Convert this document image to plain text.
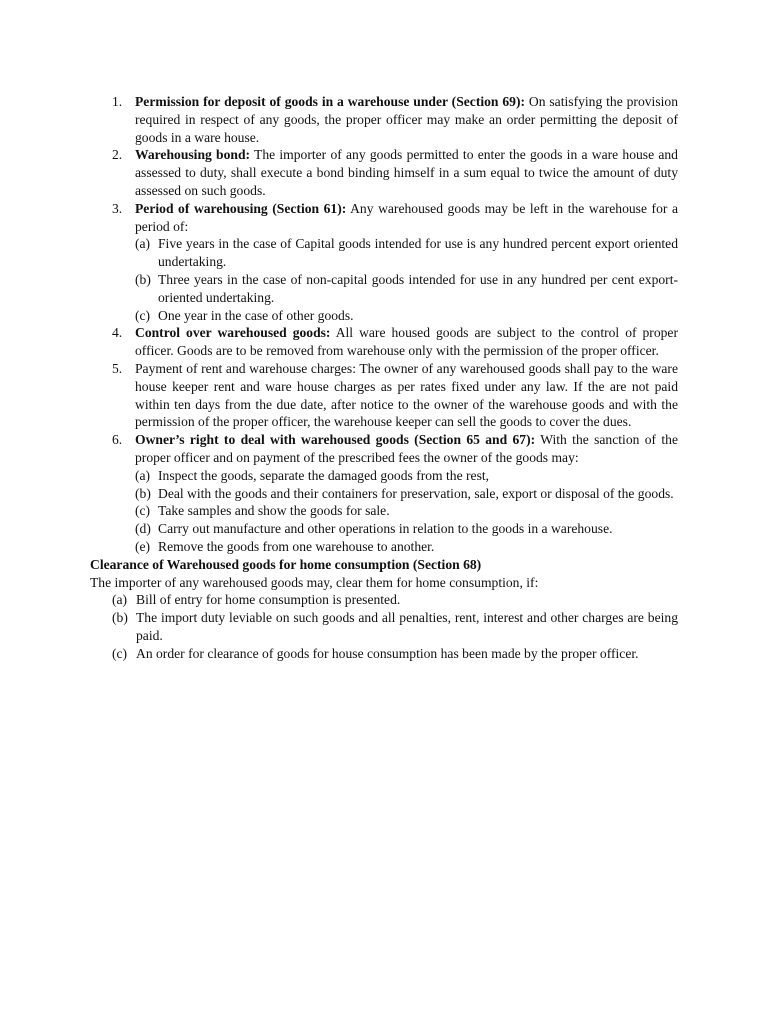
1. Permission for deposit of goods in a warehouse under (Section 69): On satisfying the provision required in respect of any goods, the proper officer may make an order permitting the deposit of goods in a ware house.
2. Warehousing bond: The importer of any goods permitted to enter the goods in a ware house and assessed to duty, shall execute a bond binding himself in a sum equal to twice the amount of duty assessed on such goods.
3. Period of warehousing (Section 61): Any warehoused goods may be left in the warehouse for a period of:
(a) Five years in the case of Capital goods intended for use is any hundred percent export oriented undertaking.
(b) Three years in the case of non-capital goods intended for use in any hundred per cent export-oriented undertaking.
(c) One year in the case of other goods.
4. Control over warehoused goods: All ware housed goods are subject to the control of proper officer. Goods are to be removed from warehouse only with the permission of the proper officer.
5. Payment of rent and warehouse charges: The owner of any warehoused goods shall pay to the ware house keeper rent and ware house charges as per rates fixed under any law. If the are not paid within ten days from the due date, after notice to the owner of the warehouse goods and with the permission of the proper officer, the warehouse keeper can sell the goods to cover the dues.
6. Owner’s right to deal with warehoused goods (Section 65 and 67): With the sanction of the proper officer and on payment of the prescribed fees the owner of the goods may:
(a) Inspect the goods, separate the damaged goods from the rest,
(b) Deal with the goods and their containers for preservation, sale, export or disposal of the goods.
(c) Take samples and show the goods for sale.
(d) Carry out manufacture and other operations in relation to the goods in a warehouse.
(e) Remove the goods from one warehouse to another.
Clearance of Warehoused goods for home consumption (Section 68)
The importer of any warehoused goods may, clear them for home consumption, if:
(a) Bill of entry for home consumption is presented.
(b) The import duty leviable on such goods and all penalties, rent, interest and other charges are being paid.
(c) An order for clearance of goods for house consumption has been made by the proper officer.
